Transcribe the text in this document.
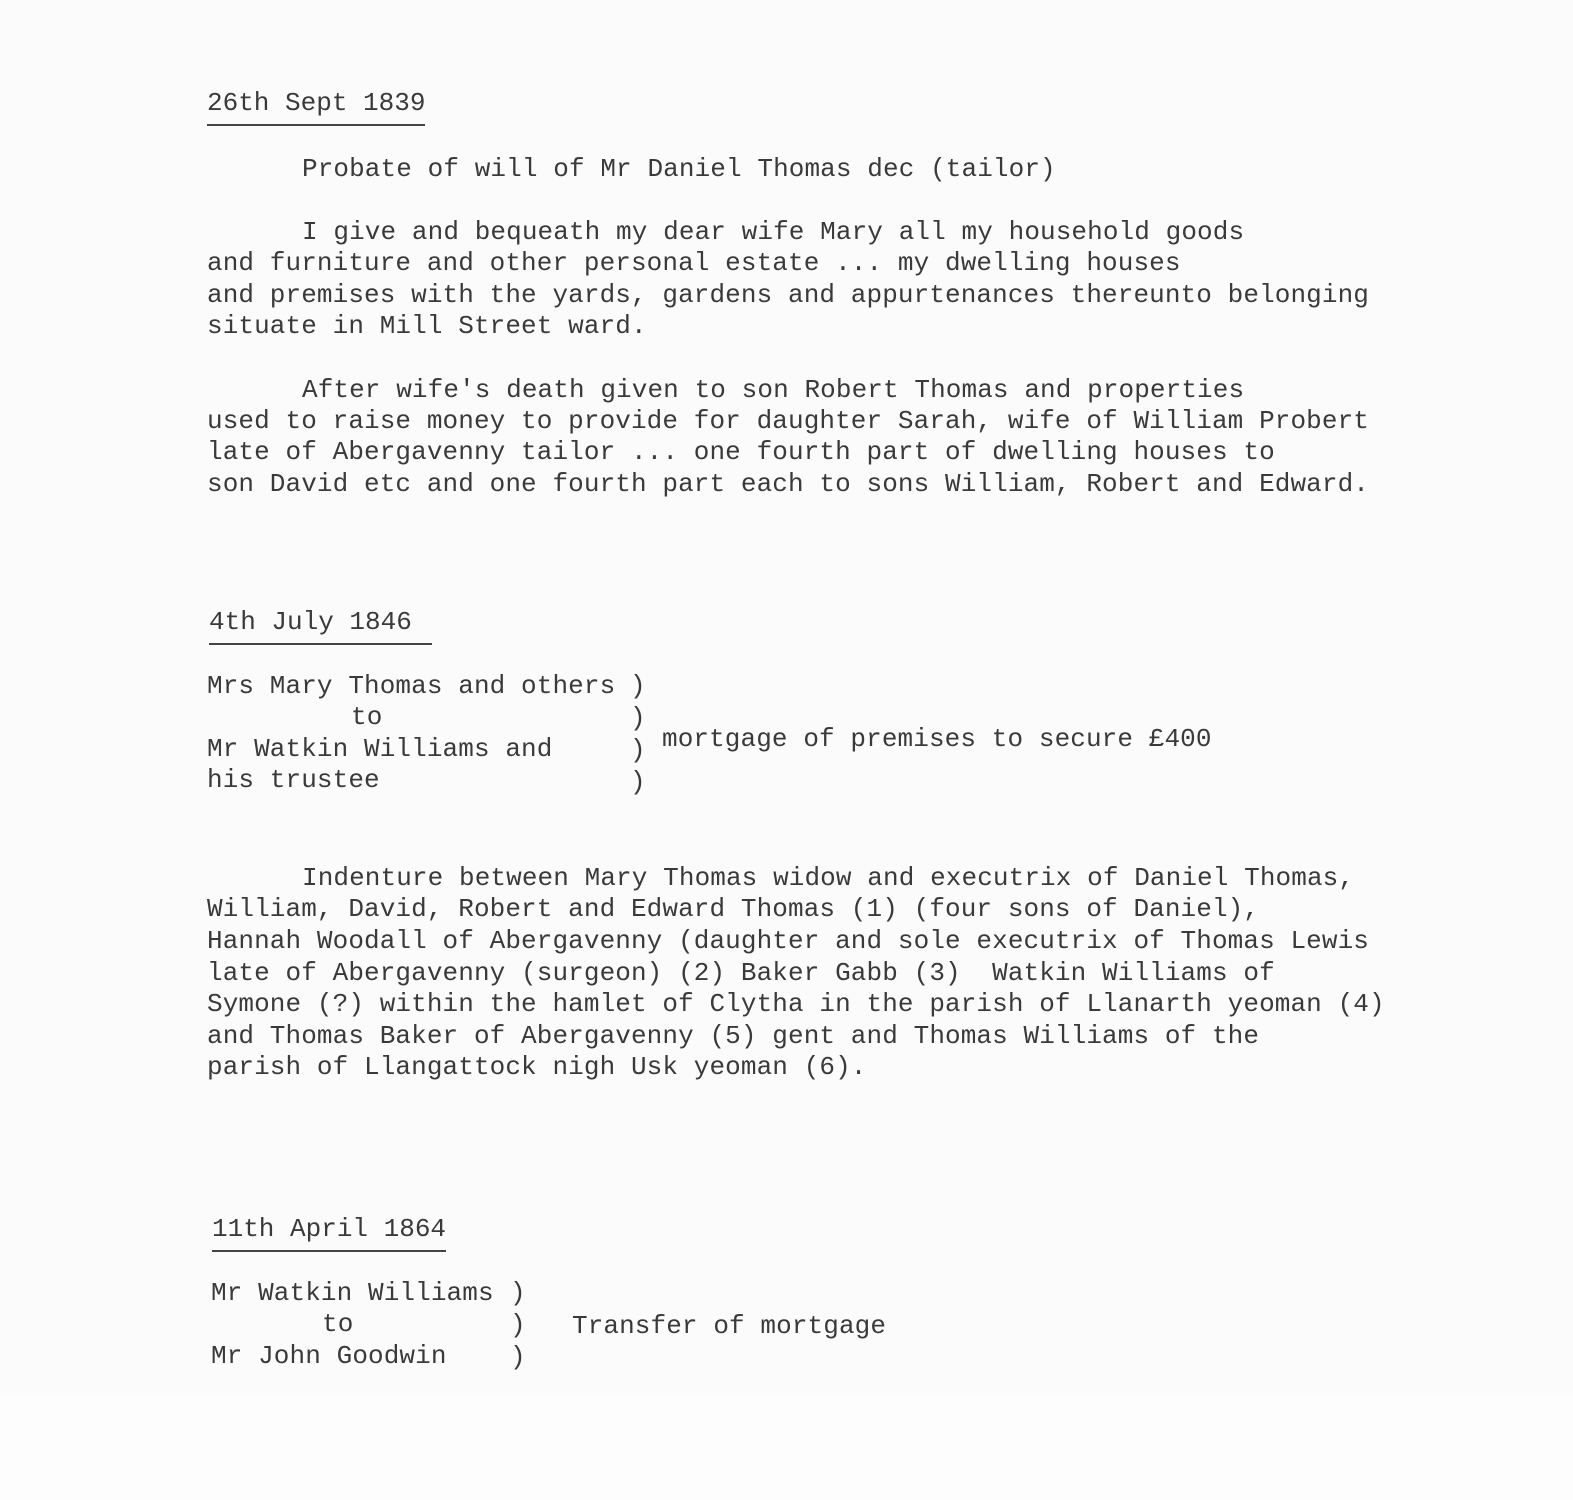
26th Sept 1839

Probate of will of Mr Daniel Thomas dec (tailor)

I give and bequeath my dear wife Mary all my household goods

and furniture and other personal estate ... my dwelling houses

and premises with the yards, gardens and appurtenances thereunto belonging

situate in Mill Street ward.

After wife's death given to son Robert Thomas and properties

used to raise money to provide for daughter Sarah, wife of William Probert

late of Abergavenny tailor ... one fourth part of dwelling houses to

son David etc and one fourth part each to sons William, Robert and Edward.

4th July 1846

Mrs Mary Thomas and others

to

Mr Watkin Williams and

his trustee

)

)

)

)

mortgage of premises to secure £400

Indenture between Mary Thomas widow and executrix of Daniel Thomas,

William, David, Robert and Edward Thomas (1) (four sons of Daniel),

Hannah Woodall of Abergavenny (daughter and sole executrix of Thomas Lewis

late of Abergavenny (surgeon) (2) Baker Gabb (3)  Watkin Williams of

Symone (?) within the hamlet of Clytha in the parish of Llanarth yeoman (4)

and Thomas Baker of Abergavenny (5) gent and Thomas Williams of the

parish of Llangattock nigh Usk yeoman (6).

11th April 1864

Mr Watkin Williams

to

Mr John Goodwin

)

)

)

Transfer of mortgage
